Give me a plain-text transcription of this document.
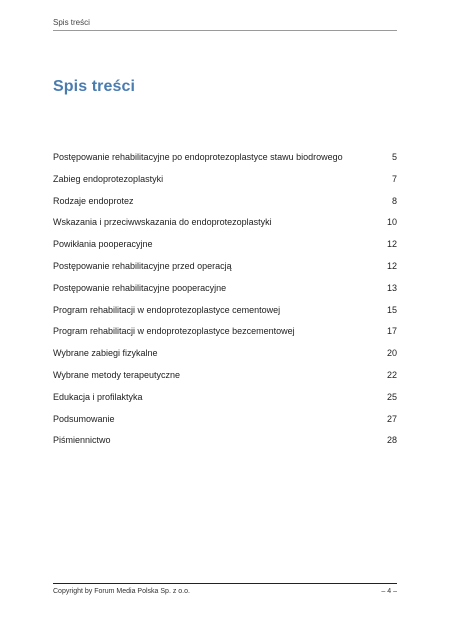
Spis treści
Spis treści
Postępowanie rehabilitacyjne po endoprotezoplastyce stawu biodrowego	5
Zabieg endoprotezoplastyki	7
Rodzaje endoprotez	8
Wskazania i przeciwwskazania do endoprotezoplastyki	10
Powikłania pooperacyjne	12
Postępowanie rehabilitacyjne przed operacją	12
Postępowanie rehabilitacyjne pooperacyjne	13
Program rehabilitacji w endoprotezoplastyce cementowej	15
Program rehabilitacji w endoprotezoplastyce bezcementowej	17
Wybrane zabiegi fizykalne	20
Wybrane metody terapeutyczne	22
Edukacja i profilaktyka	25
Podsumowanie	27
Piśmiennictwo	28
Copyright by Forum Media Polska Sp. z o.o.	– 4 –
